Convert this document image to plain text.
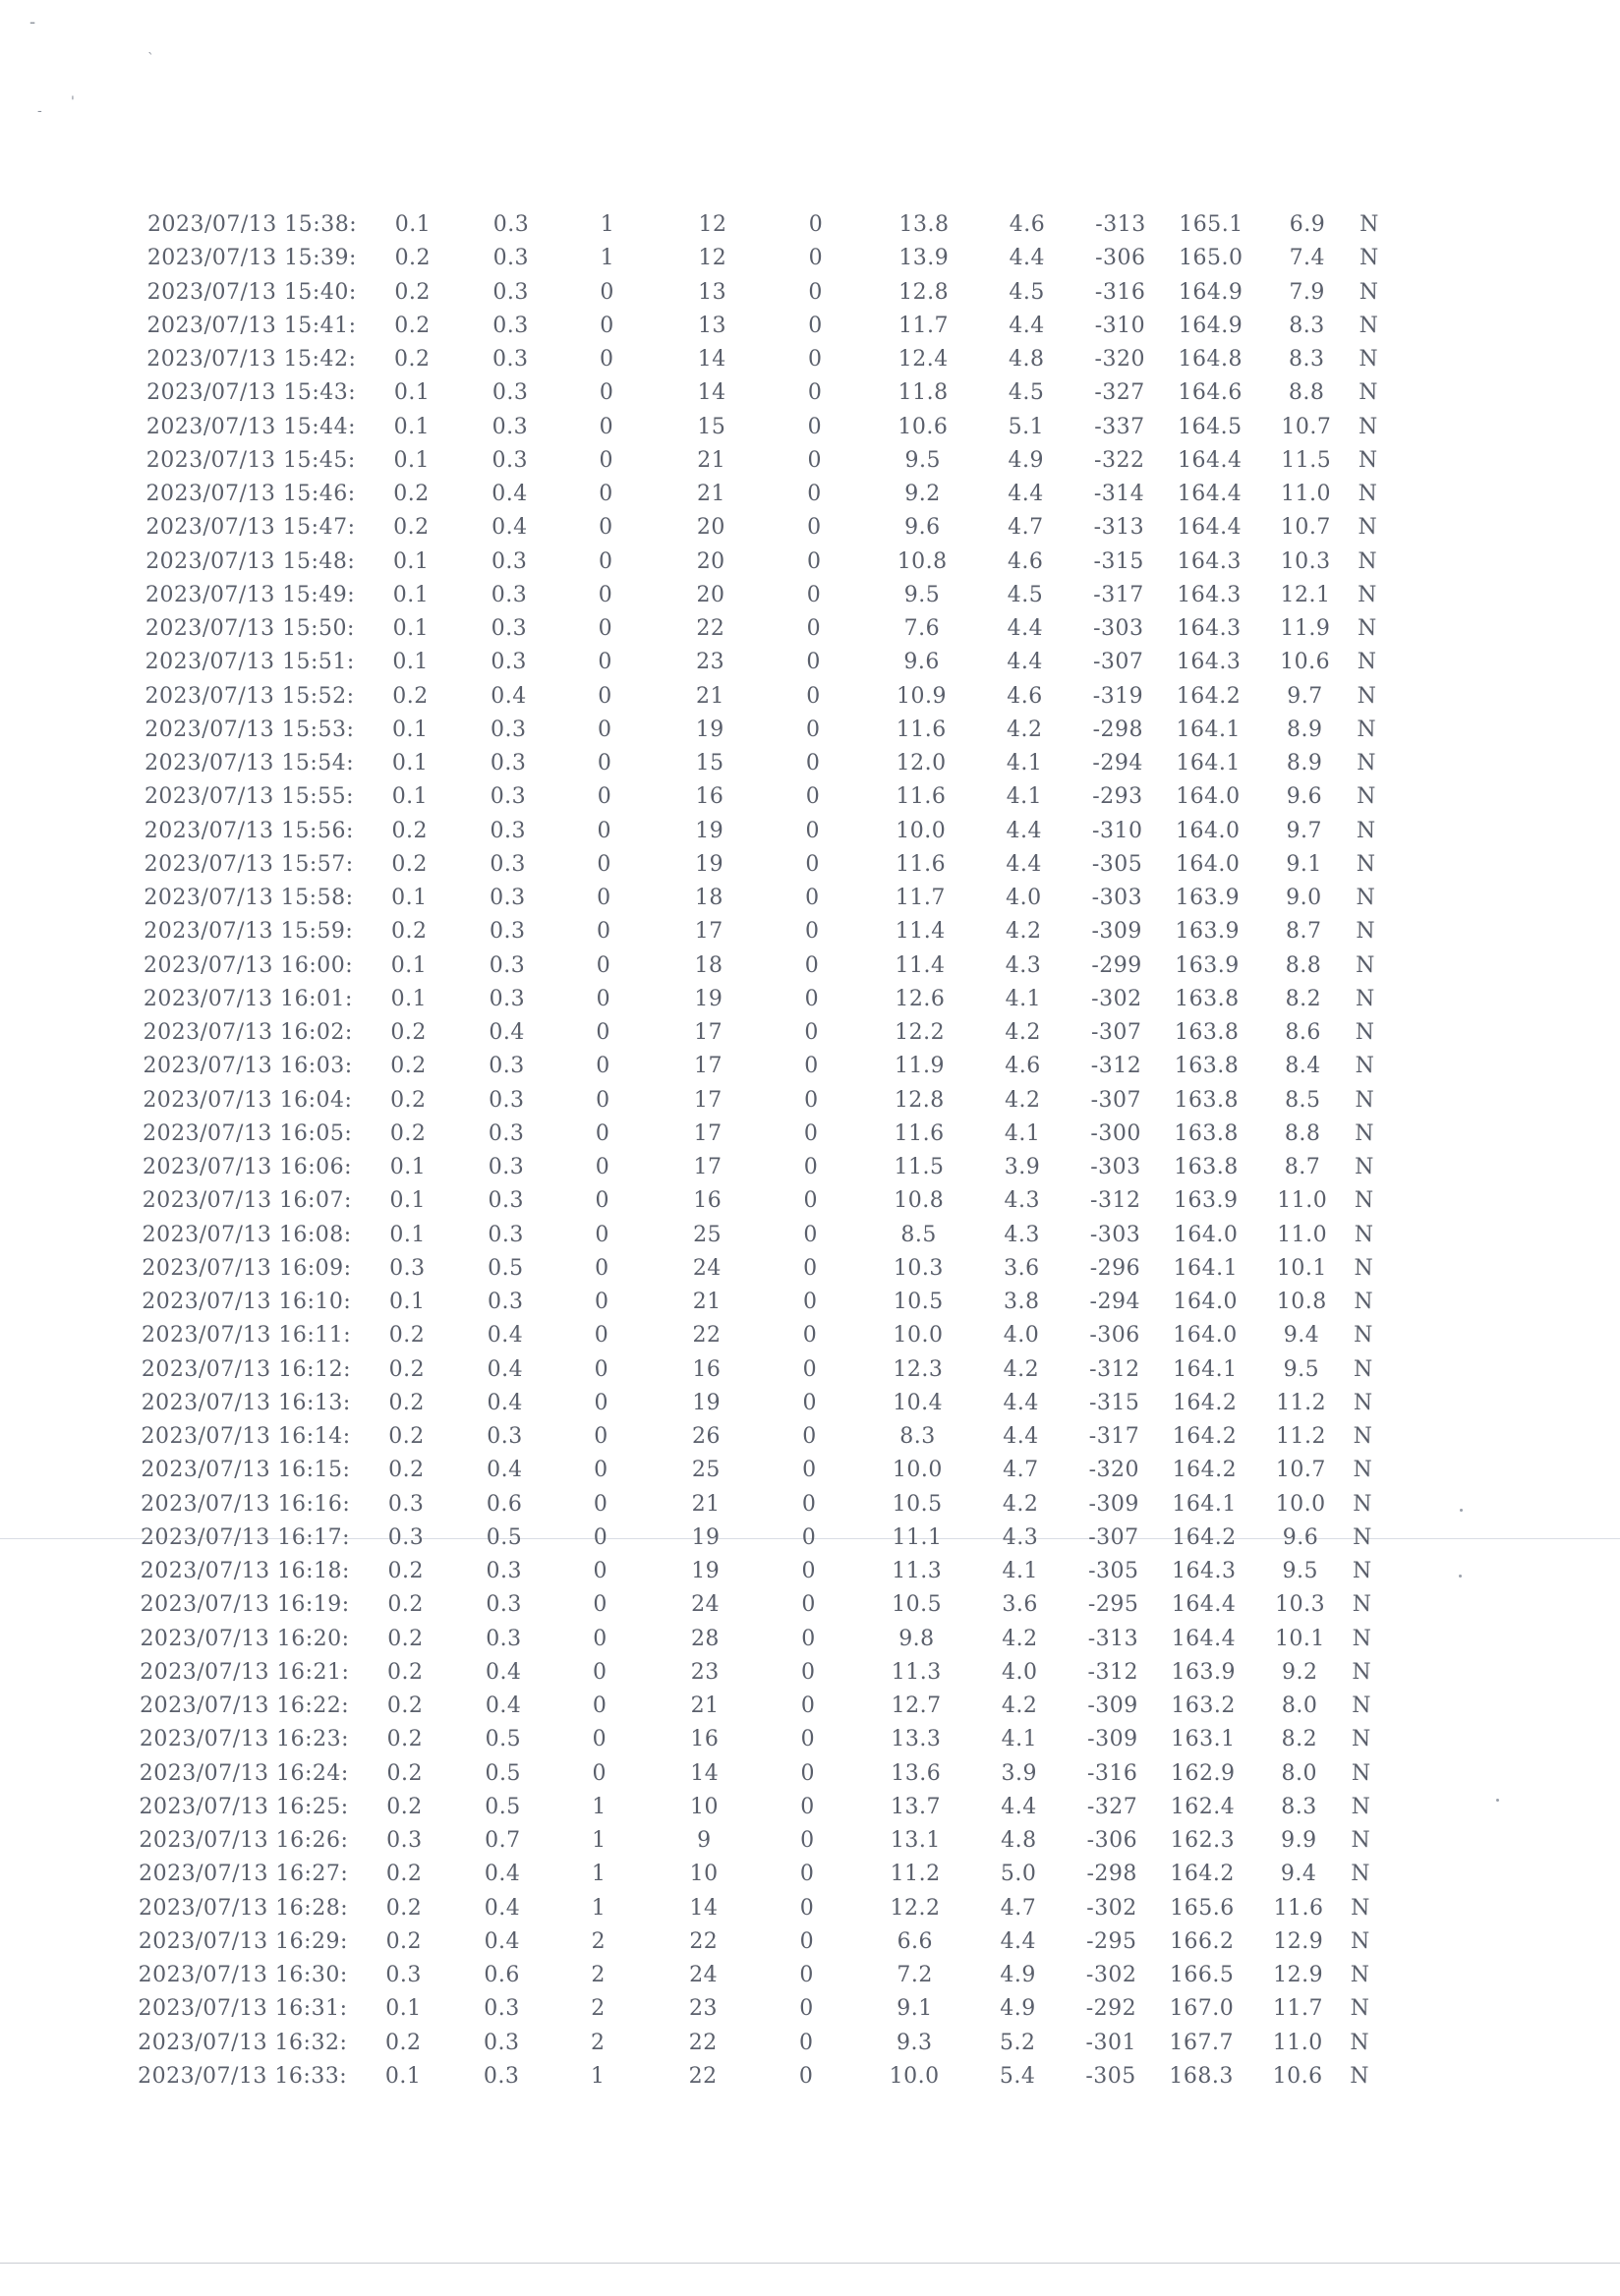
-
`
-
'
2023/07/13 15:38:	0.1	0.3	1	12	0	13.8	4.6	-313	165.1	6.9	N
2023/07/13 15:39:	0.2	0.3	1	12	0	13.9	4.4	-306	165.0	7.4	N
2023/07/13 15:40:	0.2	0.3	0	13	0	12.8	4.5	-316	164.9	7.9	N
2023/07/13 15:41:	0.2	0.3	0	13	0	11.7	4.4	-310	164.9	8.3	N
2023/07/13 15:42:	0.2	0.3	0	14	0	12.4	4.8	-320	164.8	8.3	N
2023/07/13 15:43:	0.1	0.3	0	14	0	11.8	4.5	-327	164.6	8.8	N
2023/07/13 15:44:	0.1	0.3	0	15	0	10.6	5.1	-337	164.5	10.7	N
2023/07/13 15:45:	0.1	0.3	0	21	0	9.5	4.9	-322	164.4	11.5	N
2023/07/13 15:46:	0.2	0.4	0	21	0	9.2	4.4	-314	164.4	11.0	N
2023/07/13 15:47:	0.2	0.4	0	20	0	9.6	4.7	-313	164.4	10.7	N
2023/07/13 15:48:	0.1	0.3	0	20	0	10.8	4.6	-315	164.3	10.3	N
2023/07/13 15:49:	0.1	0.3	0	20	0	9.5	4.5	-317	164.3	12.1	N
2023/07/13 15:50:	0.1	0.3	0	22	0	7.6	4.4	-303	164.3	11.9	N
2023/07/13 15:51:	0.1	0.3	0	23	0	9.6	4.4	-307	164.3	10.6	N
2023/07/13 15:52:	0.2	0.4	0	21	0	10.9	4.6	-319	164.2	9.7	N
2023/07/13 15:53:	0.1	0.3	0	19	0	11.6	4.2	-298	164.1	8.9	N
2023/07/13 15:54:	0.1	0.3	0	15	0	12.0	4.1	-294	164.1	8.9	N
2023/07/13 15:55:	0.1	0.3	0	16	0	11.6	4.1	-293	164.0	9.6	N
2023/07/13 15:56:	0.2	0.3	0	19	0	10.0	4.4	-310	164.0	9.7	N
2023/07/13 15:57:	0.2	0.3	0	19	0	11.6	4.4	-305	164.0	9.1	N
2023/07/13 15:58:	0.1	0.3	0	18	0	11.7	4.0	-303	163.9	9.0	N
2023/07/13 15:59:	0.2	0.3	0	17	0	11.4	4.2	-309	163.9	8.7	N
2023/07/13 16:00:	0.1	0.3	0	18	0	11.4	4.3	-299	163.9	8.8	N
2023/07/13 16:01:	0.1	0.3	0	19	0	12.6	4.1	-302	163.8	8.2	N
2023/07/13 16:02:	0.2	0.4	0	17	0	12.2	4.2	-307	163.8	8.6	N
2023/07/13 16:03:	0.2	0.3	0	17	0	11.9	4.6	-312	163.8	8.4	N
2023/07/13 16:04:	0.2	0.3	0	17	0	12.8	4.2	-307	163.8	8.5	N
2023/07/13 16:05:	0.2	0.3	0	17	0	11.6	4.1	-300	163.8	8.8	N
2023/07/13 16:06:	0.1	0.3	0	17	0	11.5	3.9	-303	163.8	8.7	N
2023/07/13 16:07:	0.1	0.3	0	16	0	10.8	4.3	-312	163.9	11.0	N
2023/07/13 16:08:	0.1	0.3	0	25	0	8.5	4.3	-303	164.0	11.0	N
2023/07/13 16:09:	0.3	0.5	0	24	0	10.3	3.6	-296	164.1	10.1	N
2023/07/13 16:10:	0.1	0.3	0	21	0	10.5	3.8	-294	164.0	10.8	N
2023/07/13 16:11:	0.2	0.4	0	22	0	10.0	4.0	-306	164.0	9.4	N
2023/07/13 16:12:	0.2	0.4	0	16	0	12.3	4.2	-312	164.1	9.5	N
2023/07/13 16:13:	0.2	0.4	0	19	0	10.4	4.4	-315	164.2	11.2	N
2023/07/13 16:14:	0.2	0.3	0	26	0	8.3	4.4	-317	164.2	11.2	N
2023/07/13 16:15:	0.2	0.4	0	25	0	10.0	4.7	-320	164.2	10.7	N
2023/07/13 16:16:	0.3	0.6	0	21	0	10.5	4.2	-309	164.1	10.0	N
2023/07/13 16:17:	0.3	0.5	0	19	0	11.1	4.3	-307	164.2	9.6	N
2023/07/13 16:18:	0.2	0.3	0	19	0	11.3	4.1	-305	164.3	9.5	N
2023/07/13 16:19:	0.2	0.3	0	24	0	10.5	3.6	-295	164.4	10.3	N
2023/07/13 16:20:	0.2	0.3	0	28	0	9.8	4.2	-313	164.4	10.1	N
2023/07/13 16:21:	0.2	0.4	0	23	0	11.3	4.0	-312	163.9	9.2	N
2023/07/13 16:22:	0.2	0.4	0	21	0	12.7	4.2	-309	163.2	8.0	N
2023/07/13 16:23:	0.2	0.5	0	16	0	13.3	4.1	-309	163.1	8.2	N
2023/07/13 16:24:	0.2	0.5	0	14	0	13.6	3.9	-316	162.9	8.0	N
2023/07/13 16:25:	0.2	0.5	1	10	0	13.7	4.4	-327	162.4	8.3	N
2023/07/13 16:26:	0.3	0.7	1	9	0	13.1	4.8	-306	162.3	9.9	N
2023/07/13 16:27:	0.2	0.4	1	10	0	11.2	5.0	-298	164.2	9.4	N
2023/07/13 16:28:	0.2	0.4	1	14	0	12.2	4.7	-302	165.6	11.6	N
2023/07/13 16:29:	0.2	0.4	2	22	0	6.6	4.4	-295	166.2	12.9	N
2023/07/13 16:30:	0.3	0.6	2	24	0	7.2	4.9	-302	166.5	12.9	N
2023/07/13 16:31:	0.1	0.3	2	23	0	9.1	4.9	-292	167.0	11.7	N
2023/07/13 16:32:	0.2	0.3	2	22	0	9.3	5.2	-301	167.7	11.0	N
2023/07/13 16:33:	0.1	0.3	1	22	0	10.0	5.4	-305	168.3	10.6	N
